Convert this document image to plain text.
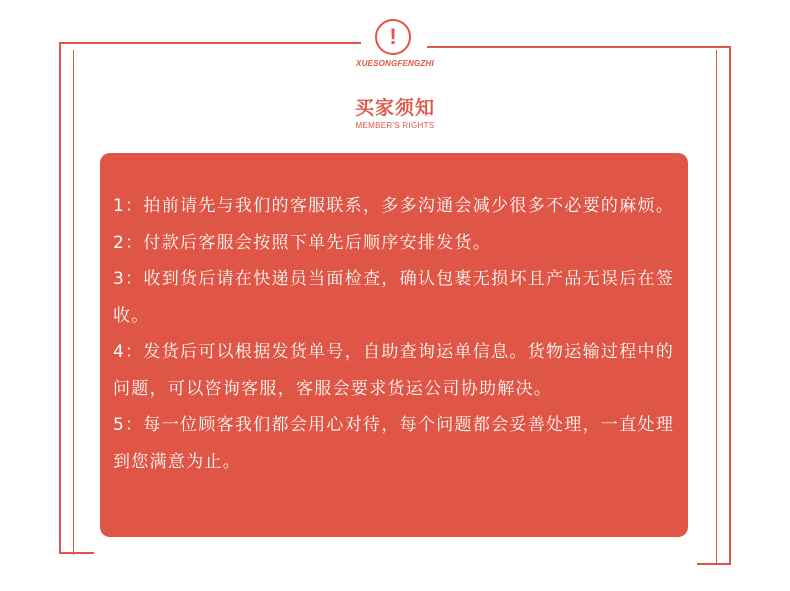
!
XUESONGFENGZHI
买家须知
MEMBER'S RIGHTS
1：拍前请先与我们的客服联系，多多沟通会减少很多不必要的麻烦。
2：付款后客服会按照下单先后顺序安排发货。
3：收到货后请在快递员当面检查，确认包裹无损坏且产品无误后在签收。
4：发货后可以根据发货单号，自助查询运单信息。货物运输过程中的问题，可以咨询客服，客服会要求货运公司协助解决。
5：每一位顾客我们都会用心对待，每个问题都会妥善处理，一直处理到您满意为止。
